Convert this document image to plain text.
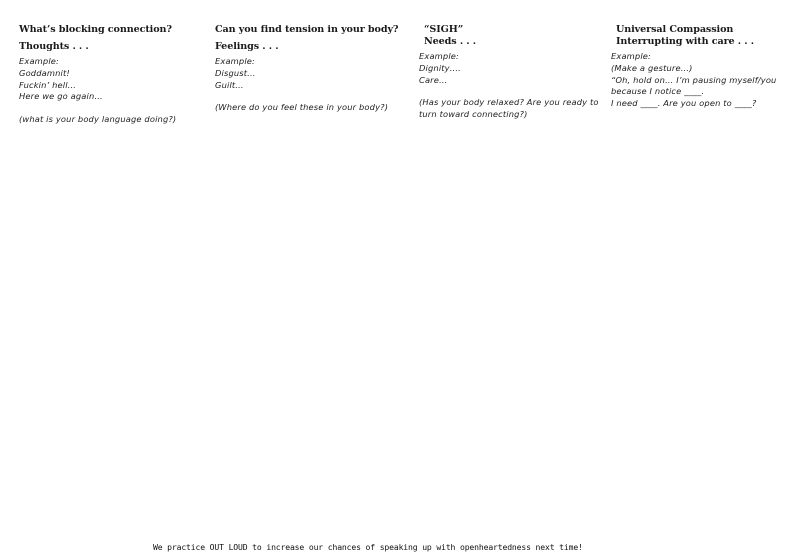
What’s blocking connection?

Thoughts . . .

Example:
Goddamnit!
Fuckin’ hell…
Here we go again…
(what is your body language doing?)

Can you find tension in your body?

Feelings . . .

Example:
Disgust…
Guilt…
(Where do you feel these in your body?)

“SIGH”

Needs . . .

Example:
Dignity….
Care…
(Has your body relaxed? Are you ready to turn toward connecting?)

Universal Compassion

Interrupting with care . . .

Example:
(Make a gesture…)
“Oh, hold on… I’m pausing myself/you because I notice ____.
I need ____. Are you open to ____?
We practice OUT LOUD to increase our chances of speaking up with openheartedness next time!
